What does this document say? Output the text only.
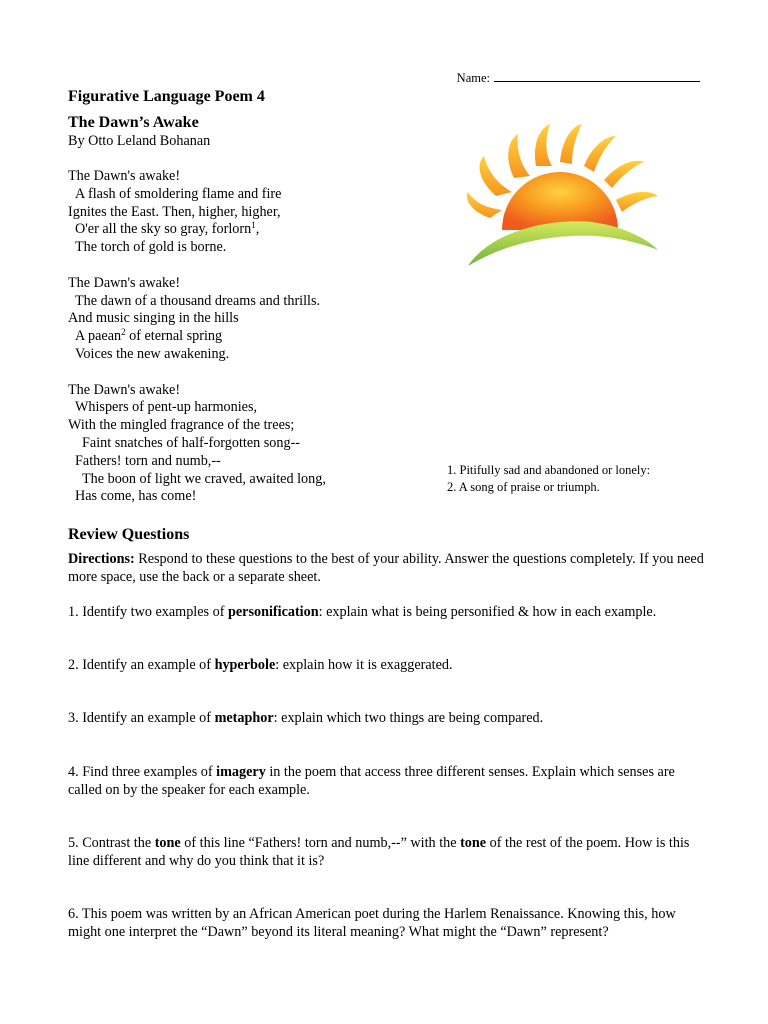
Name:
Figurative Language Poem 4
The Dawn’s Awake
By Otto Leland Bohanan
The Dawn's awake!
A flash of smoldering flame and fire
Ignites the East. Then, higher, higher,
O'er all the sky so gray, forlorn$^1$,
The torch of gold is borne.
The Dawn's awake!
The dawn of a thousand dreams and thrills.
And music singing in the hills
A paean$^2$ of eternal spring
Voices the new awakening.
The Dawn's awake!
Whispers of pent-up harmonies,
With the mingled fragrance of the trees;
Faint snatches of half-forgotten song--
Fathers! torn and numb,--
The boon of light we craved, awaited long,
Has come, has come!
1. Pitifully sad and abandoned or lonely:
2. A song of praise or triumph.
Review Questions

Directions: Respond to these questions to the best of your ability. Answer the questions completely. If you need more space, use the back or a separate sheet.

1. Identify two examples of personification: explain what is being personified & how in each example.

2. Identify an example of hyperbole: explain how it is exaggerated.

3. Identify an example of metaphor: explain which two things are being compared.

4. Find three examples of imagery in the poem that access three different senses. Explain which senses are called on by the speaker for each example.

5. Contrast the tone of this line “Fathers! torn and numb,--” with the tone of the rest of the poem. How is this line different and why do you think that it is?

6. This poem was written by an African American poet during the Harlem Renaissance. Knowing this, how might one interpret the “Dawn” beyond its literal meaning? What might the “Dawn” represent?
